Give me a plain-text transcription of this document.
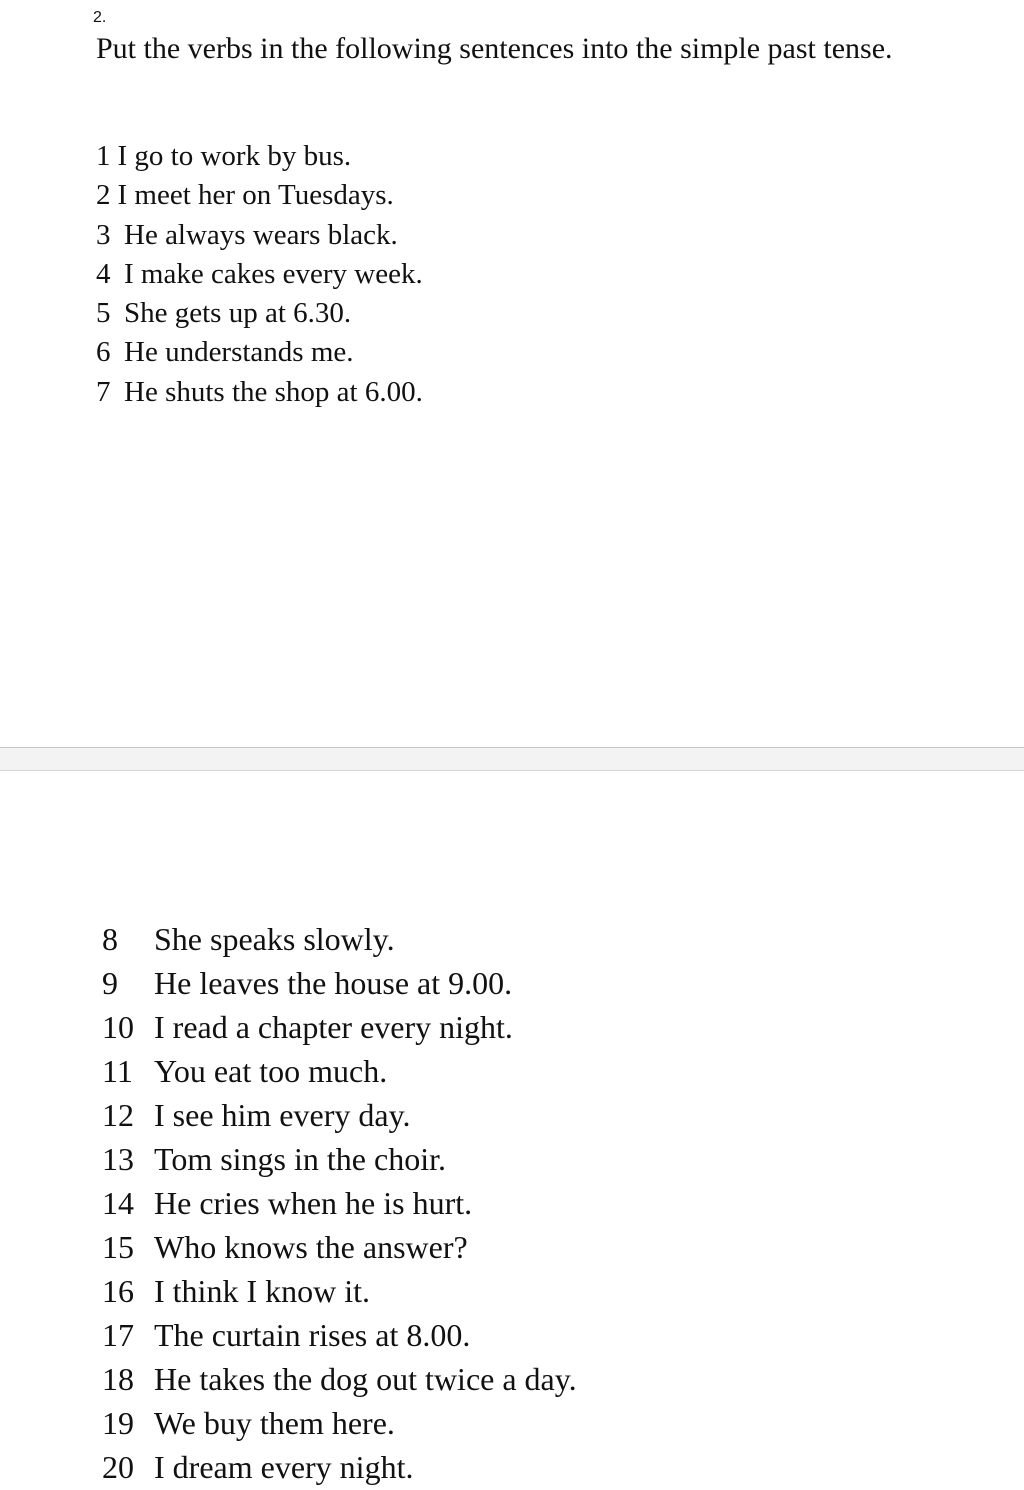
2.
Put the verbs in the following sentences into the simple past tense.
1 I go to work by bus.
2 I meet her on Tuesdays.
3 He always wears black.
4 I make cakes every week.
5 She gets up at 6.30.
6 He understands me.
7 He shuts the shop at 6.00.
8 She speaks slowly.
9 He leaves the house at 9.00.
10 I read a chapter every night.
11 You eat too much.
12 I see him every day.
13 Tom sings in the choir.
14 He cries when he is hurt.
15 Who knows the answer?
16 I think I know it.
17 The curtain rises at 8.00.
18 He takes the dog out twice a day.
19 We buy them here.
20 I dream every night.
